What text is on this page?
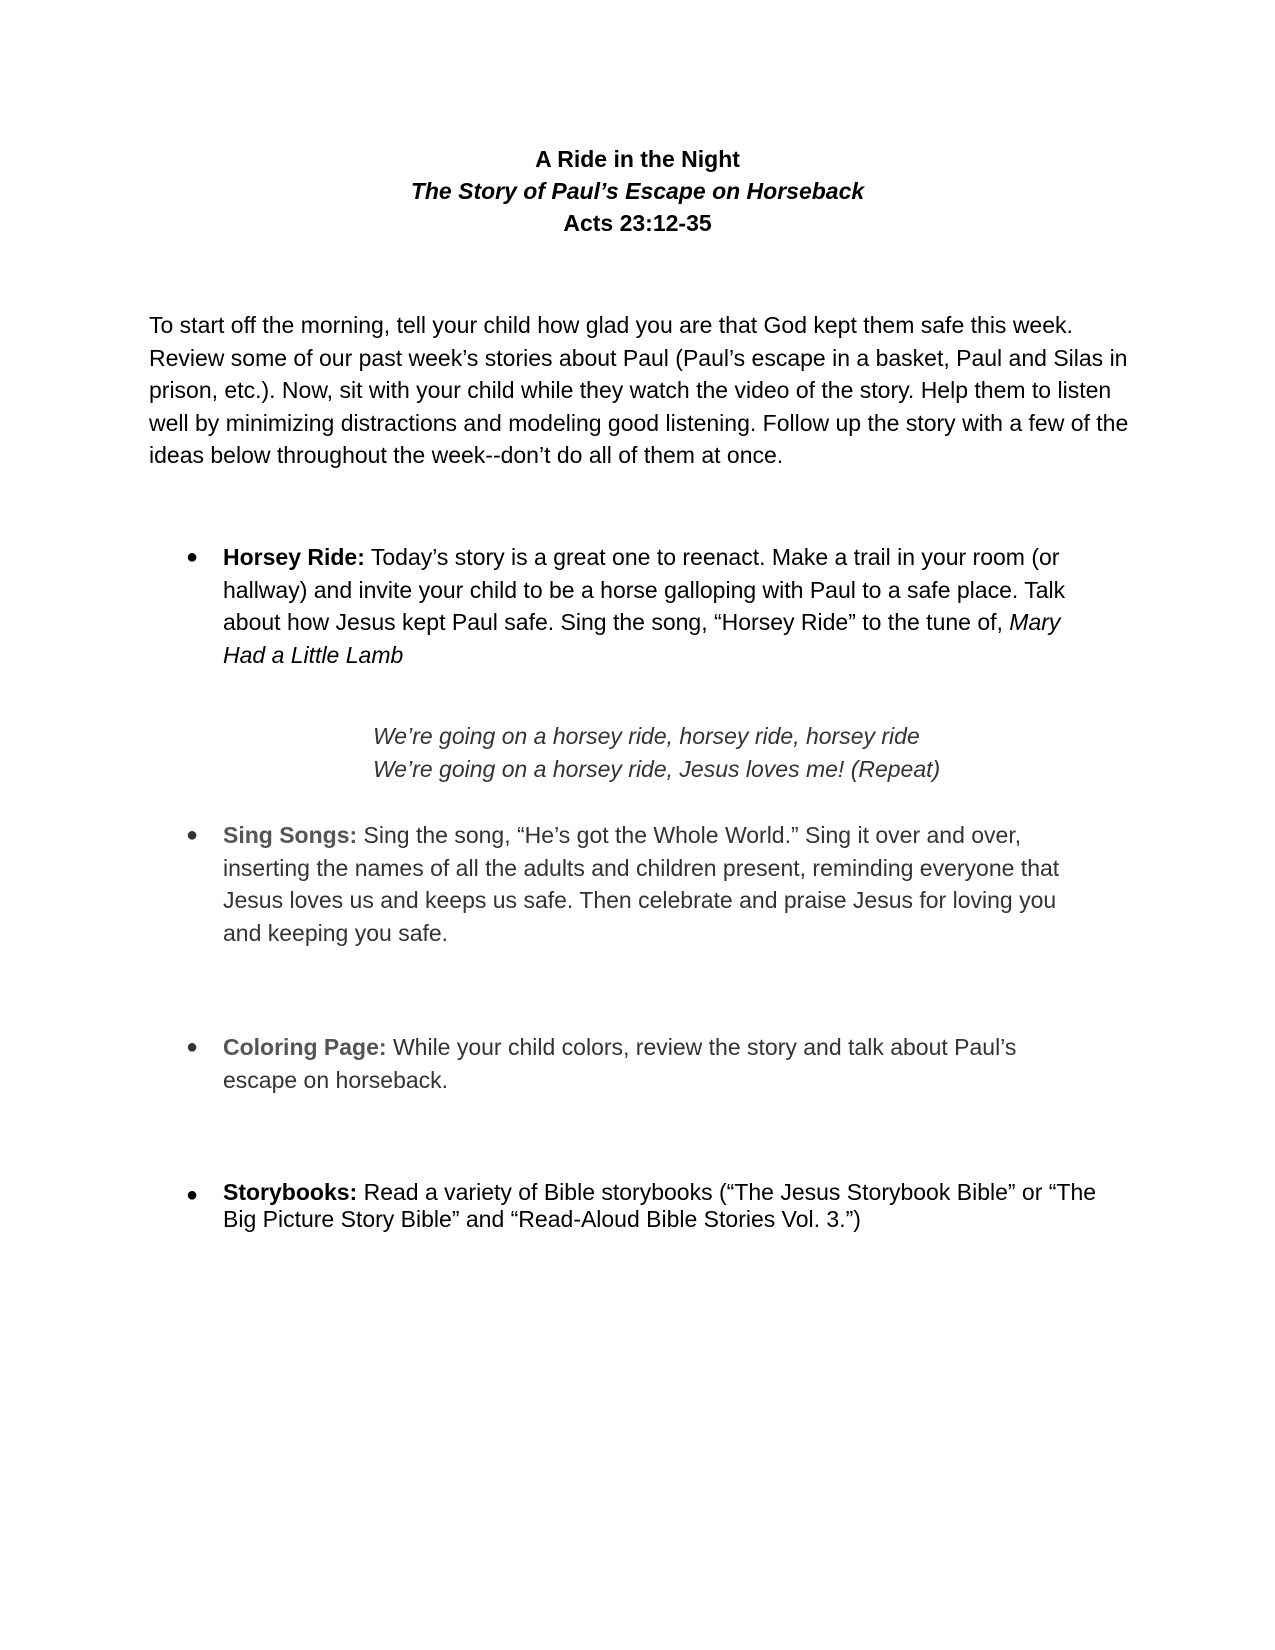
A Ride in the Night
The Story of Paul’s Escape on Horseback
Acts 23:12-35

To start off the morning, tell your child how glad you are that God kept them safe this week. Review some of our past week’s stories about Paul (Paul’s escape in a basket, Paul and Silas in prison, etc.). Now, sit with your child while they watch the video of the story. Help them to listen well by minimizing distractions and modeling good listening. Follow up the story with a few of the ideas below throughout the week--don’t do all of them at once.

● Horsey Ride: Today’s story is a great one to reenact. Make a trail in your room (or hallway) and invite your child to be a horse galloping with Paul to a safe place. Talk about how Jesus kept Paul safe. Sing the song, “Horsey Ride” to the tune of, Mary Had a Little Lamb
We’re going on a horsey ride, horsey ride, horsey ride
We’re going on a horsey ride, Jesus loves me! (Repeat)
● Sing Songs: Sing the song, “He’s got the Whole World.” Sing it over and over, inserting the names of all the adults and children present, reminding everyone that Jesus loves us and keeps us safe. Then celebrate and praise Jesus for loving you and keeping you safe.
● Coloring Page: While your child colors, review the story and talk about Paul’s escape on horseback.
● Storybooks: Read a variety of Bible storybooks (“The Jesus Storybook Bible” or “The Big Picture Story Bible” and “Read-Aloud Bible Stories Vol. 3.”)
